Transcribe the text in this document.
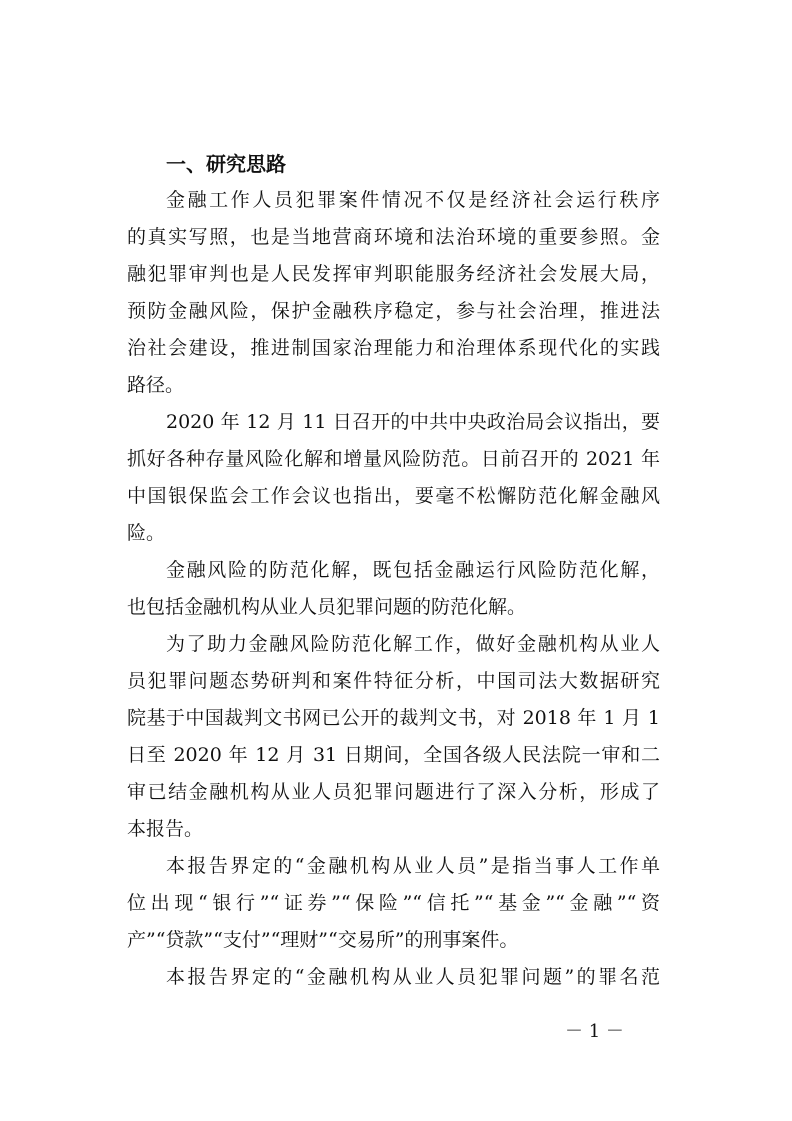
一、研究思路
金融工作人员犯罪案件情况不仅是经济社会运行秩序
的真实写照，也是当地营商环境和法治环境的重要参照。金
融犯罪审判也是人民发挥审判职能服务经济社会发展大局，
预防金融风险，保护金融秩序稳定，参与社会治理，推进法
治社会建设，推进制国家治理能力和治理体系现代化的实践
路径。
2020 年 12 月 11 日召开的中共中央政治局会议指出，要
抓好各种存量风险化解和增量风险防范。日前召开的 2021 年
中国银保监会工作会议也指出，要毫不松懈防范化解金融风
险。
金融风险的防范化解，既包括金融运行风险防范化解，
也包括金融机构从业人员犯罪问题的防范化解。
为了助力金融风险防范化解工作，做好金融机构从业人
员犯罪问题态势研判和案件特征分析，中国司法大数据研究
院基于中国裁判文书网已公开的裁判文书，对 2018 年 1 月 1
日至 2020 年 12 月 31 日期间，全国各级人民法院一审和二
审已结金融机构从业人员犯罪问题进行了深入分析，形成了
本报告。
本报告界定的“金融机构从业人员”是指当事人工作单
位出现“银行”“证券”“保险”“信托”“基金”“金融”“资
产”“贷款”“支付”“理财”“交易所”的刑事案件。
本报告界定的“金融机构从业人员犯罪问题”的罪名范
－ 1 －
